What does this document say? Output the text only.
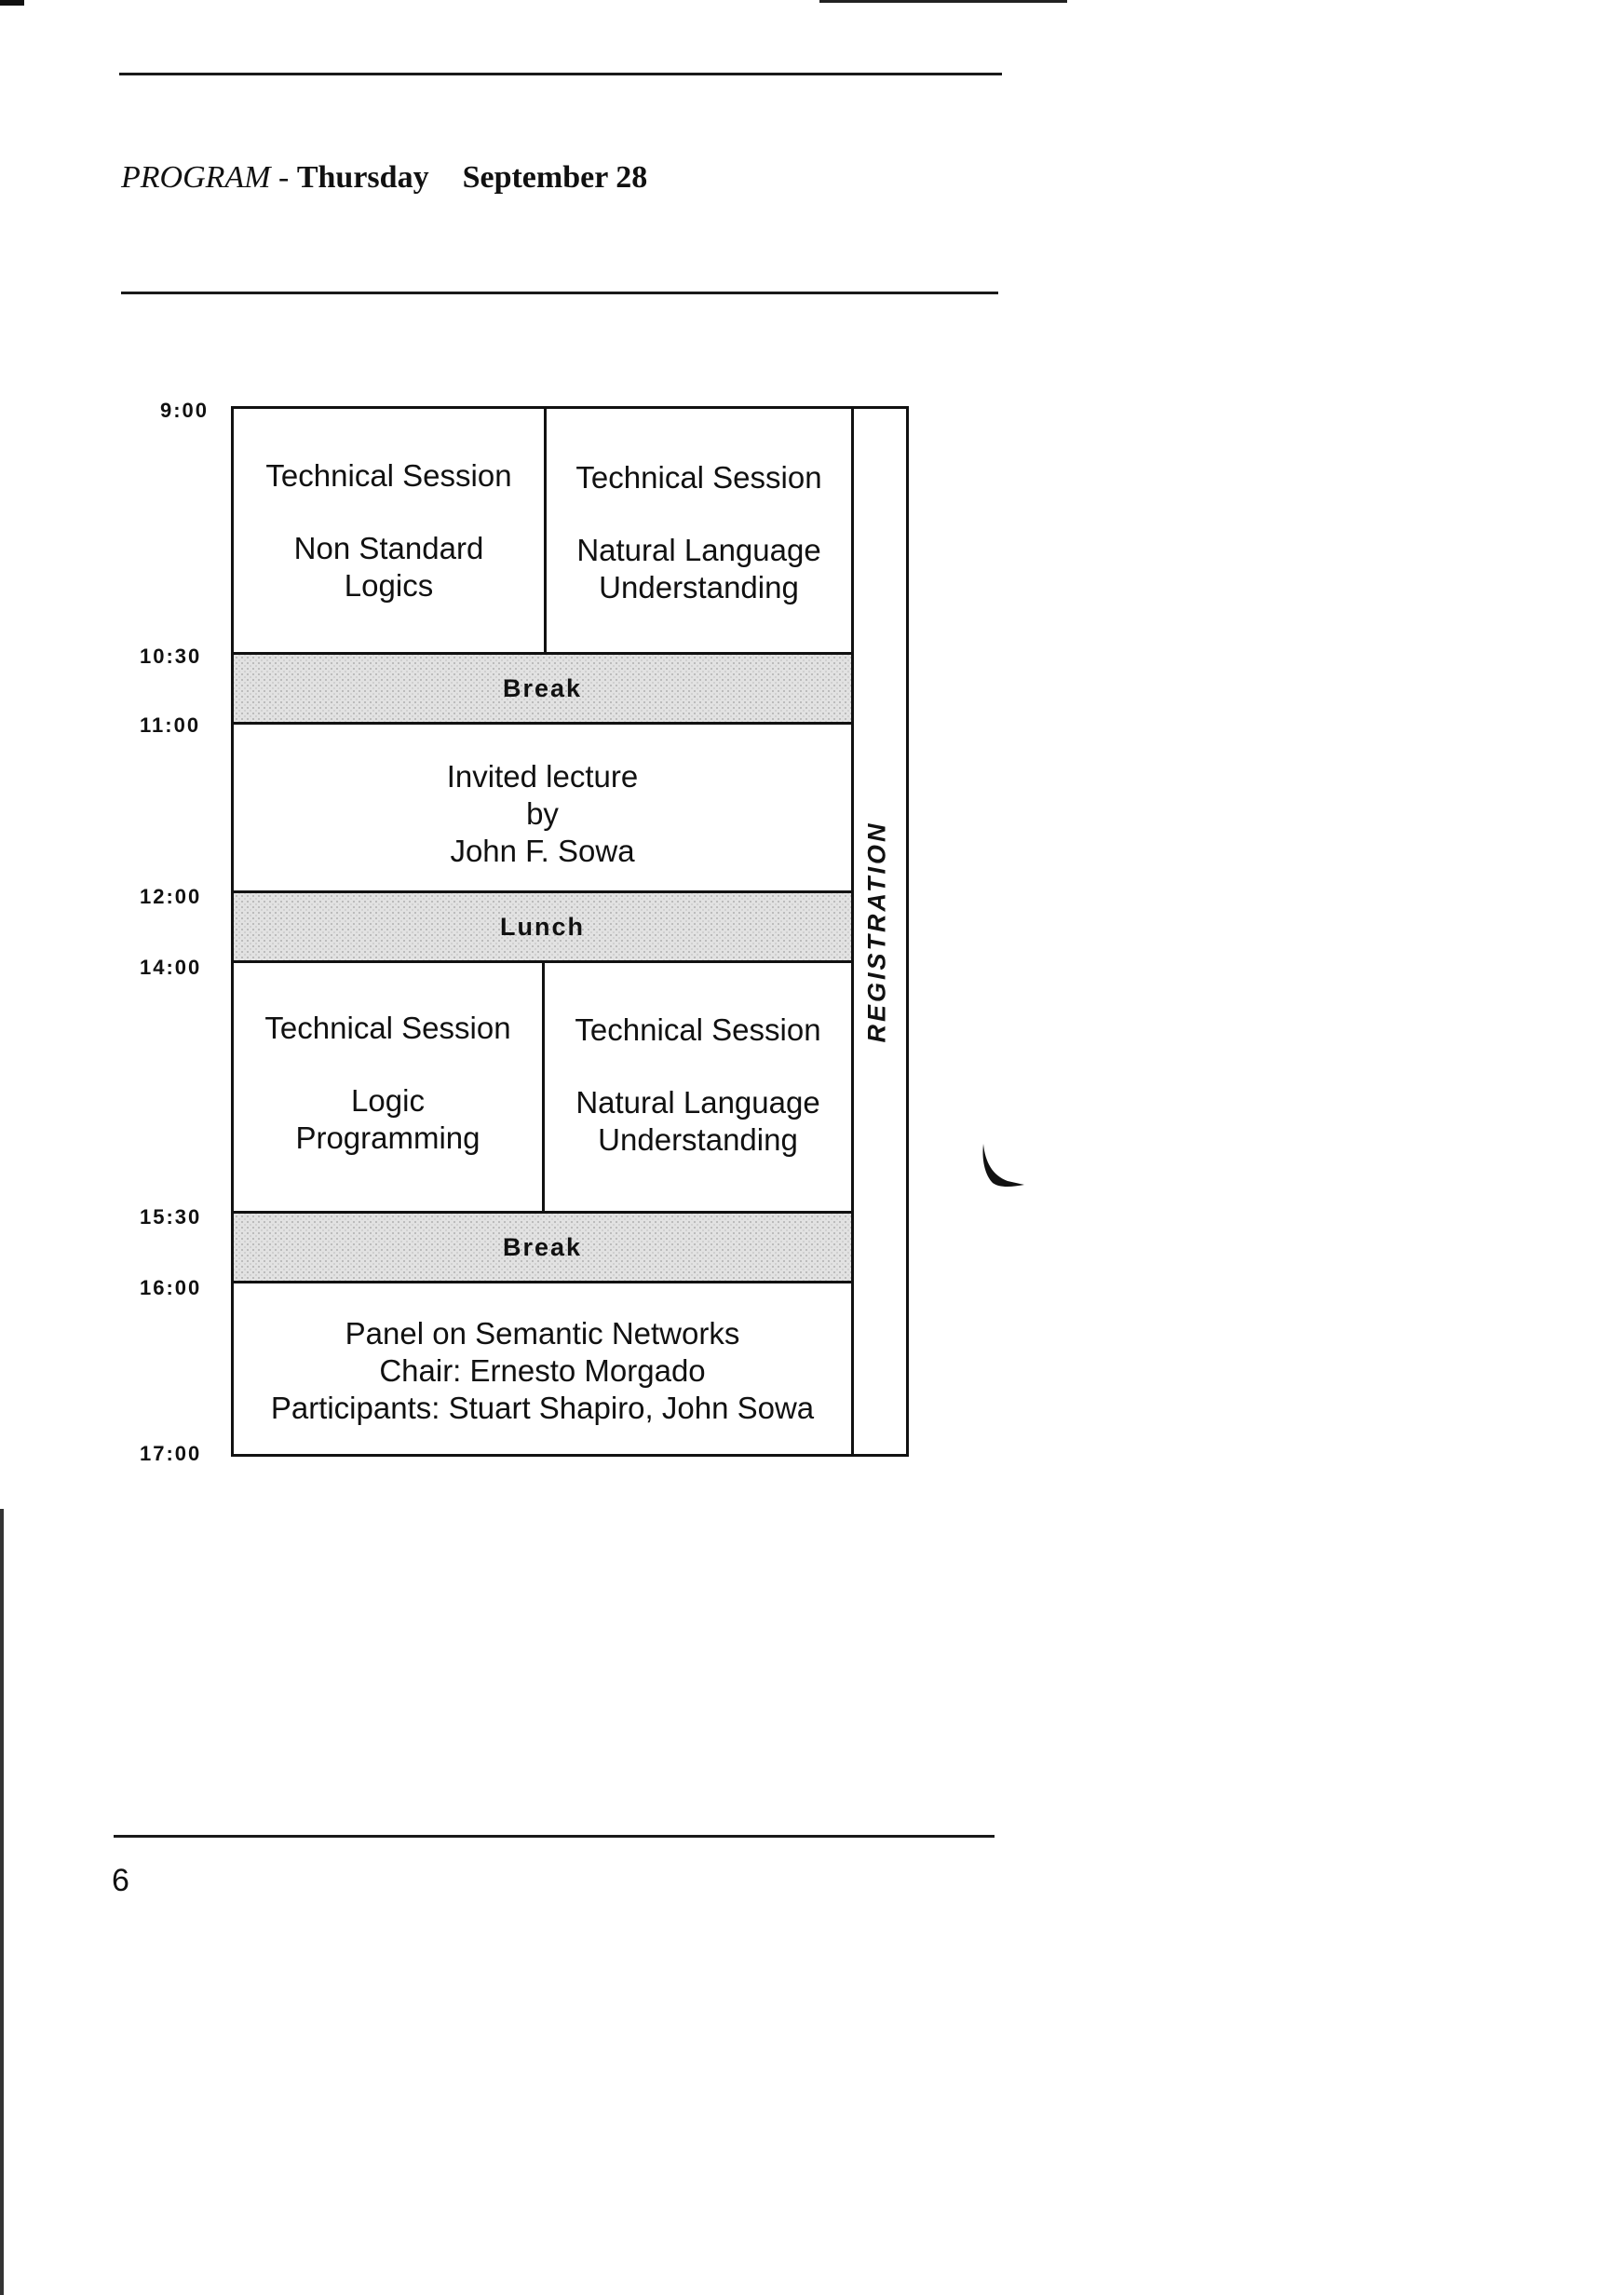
PROGRAM - Thursday September 28
9:00
10:30
11:00
12:00
14:00
15:30
16:00
17:00
Technical Session
Non Standard
Logics
Technical Session
Natural Language
Understanding
Break
Invited lecture
by
John F. Sowa
Lunch
Technical Session
Logic
Programming
Technical Session
Natural Language
Understanding
Break
Panel on Semantic Networks
Chair: Ernesto Morgado
Participants: Stuart Shapiro, John Sowa
REGISTRATION
6
